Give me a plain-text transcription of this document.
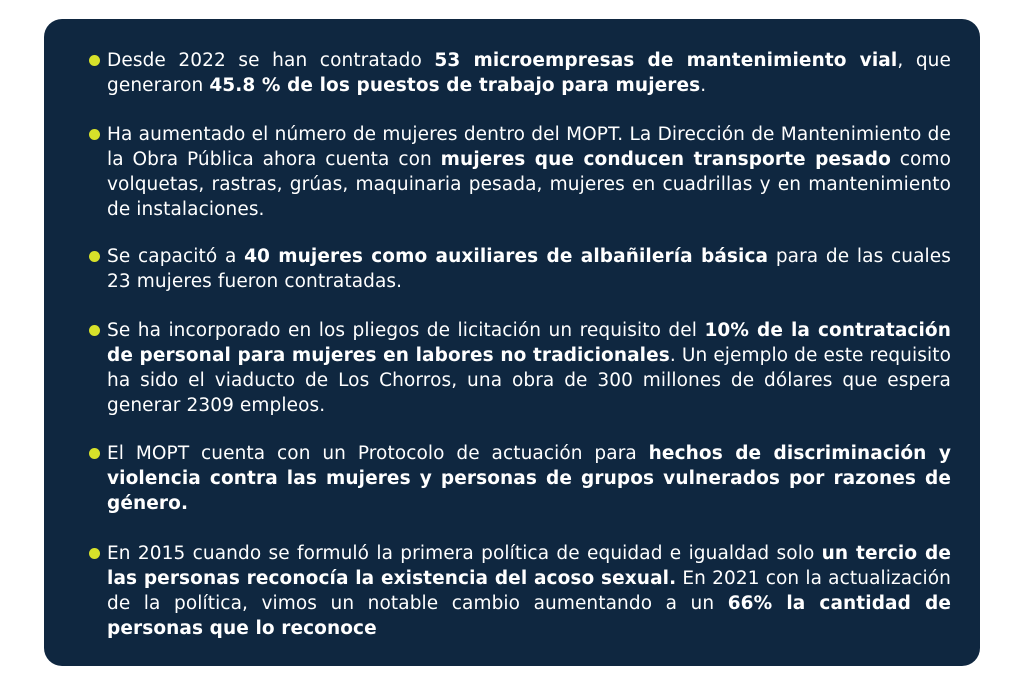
Desde 2022 se han contratado 53 microempresas de mantenimiento vial, que generaron 45.8 % de los puestos de trabajo para mujeres.
Ha aumentado el número de mujeres dentro del MOPT. La Dirección de Mantenimiento de la Obra Pública ahora cuenta con mujeres que conducen transporte pesado como volquetas, rastras, grúas, maquinaria pesada, mujeres en cuadrillas y en mantenimiento de instalaciones.
Se capacitó a 40 mujeres como auxiliares de albañilería básica para de las cuales 23 mujeres fueron contratadas.
Se ha incorporado en los pliegos de licitación un requisito del 10% de la contratación de personal para mujeres en labores no tradicionales. Un ejemplo de este requisito ha sido el viaducto de Los Chorros, una obra de 300 millones de dólares que espera generar 2309 empleos.
El MOPT cuenta con un Protocolo de actuación para hechos de discriminación y violencia contra las mujeres y personas de grupos vulnerados por razones de género.
En 2015 cuando se formuló la primera política de equidad e igualdad solo un tercio de las personas reconocía la existencia del acoso sexual. En 2021 con la actualización de la política, vimos un notable cambio aumentando a un 66% la cantidad de personas que lo reconoce
